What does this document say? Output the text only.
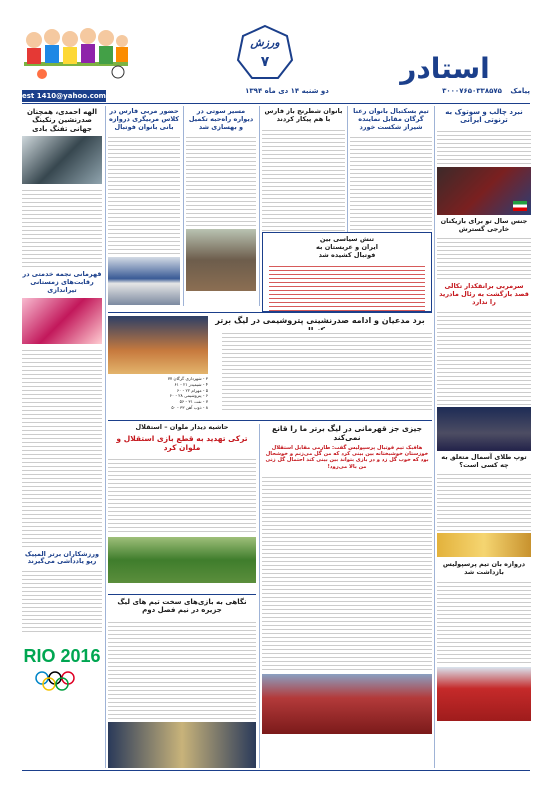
ورزش
۷	استادر
پیامک ۳۰۰۰۷۶۵۰۳۳۸۵۷۵
دو شنبه ۱۴ دی ماه ۱۳۹۴
est 1410@yahoo.com
نبرد چالب و سوتوک به ترنوتی ایرانی
جنس سال تو برای بازیکنان خارجی گسترش
سرمربی برانقکدار تکالی قصد بازگشت به رئال مادرید را ندارد
توپ طلای آسمال متعلق به چه کسی است؟
دروازه بان تیم پرسپولیس بازداشت شد
تیم بسکتبال بانوان رعنا گرگان مقابل نماینده شیراز شکست خورد
بانوان شطرنج باز فارس با هم پیکار کردند
تنش سیاسی بین ایران و عربستان به فوتبال کشیده شد
مسیر سوتی در دیواره راه‌حبه تکمیل و بهسازی شد
حضور مربی فارس در کلاس مربیگری دروازه بانی بانوان فوتبال
الهه احمدی، همچنان صدرنشین رنکینگ جهانی تفنگ بادی
قهرمانی نجمه خدمتی در رقابت‌های زمستانی تیراندازی
ورزشکاران برتر المپیک ریو یاد‌داشی می‌گیرند
RIO 2016
برد مدعیان و ادامه صدرنشینی پتروشیمی در لیگ برتر
۳ - شهرداری گرگان ۷۷
۴ - شیمیدر ۲۱ - ۶۱
۵ - مهرام ۲۲ - ۶۰
۶ - پتروشیمی ۲۸ - ۶۰
۷ - نفت ۳۱ - ۵۶
۸ - ذوب آهن ۳۳ - ۵۰
جیزی جز قهرمانی در لیگ برتر ما را قانع نمی‌کند
هافبک تیم فوتبال پرسپولیس گفت: طارمی مقابل استقلال خوزستان خوشبختانه بین بینی کرد که من گل می‌زنم و خوشحال بود که خوب گل زد و در بازی بتواند بین بینی کند احتمال گل زنی من بالا می‌رود!
حاشیه دیدار ملوان – استقلال
ترکی تهدید به قطع بازی استقلال و ملوان کرد
نگاهی به بازی‌های سخت تیم های لیگ جزیره در نیم فصل دوم
